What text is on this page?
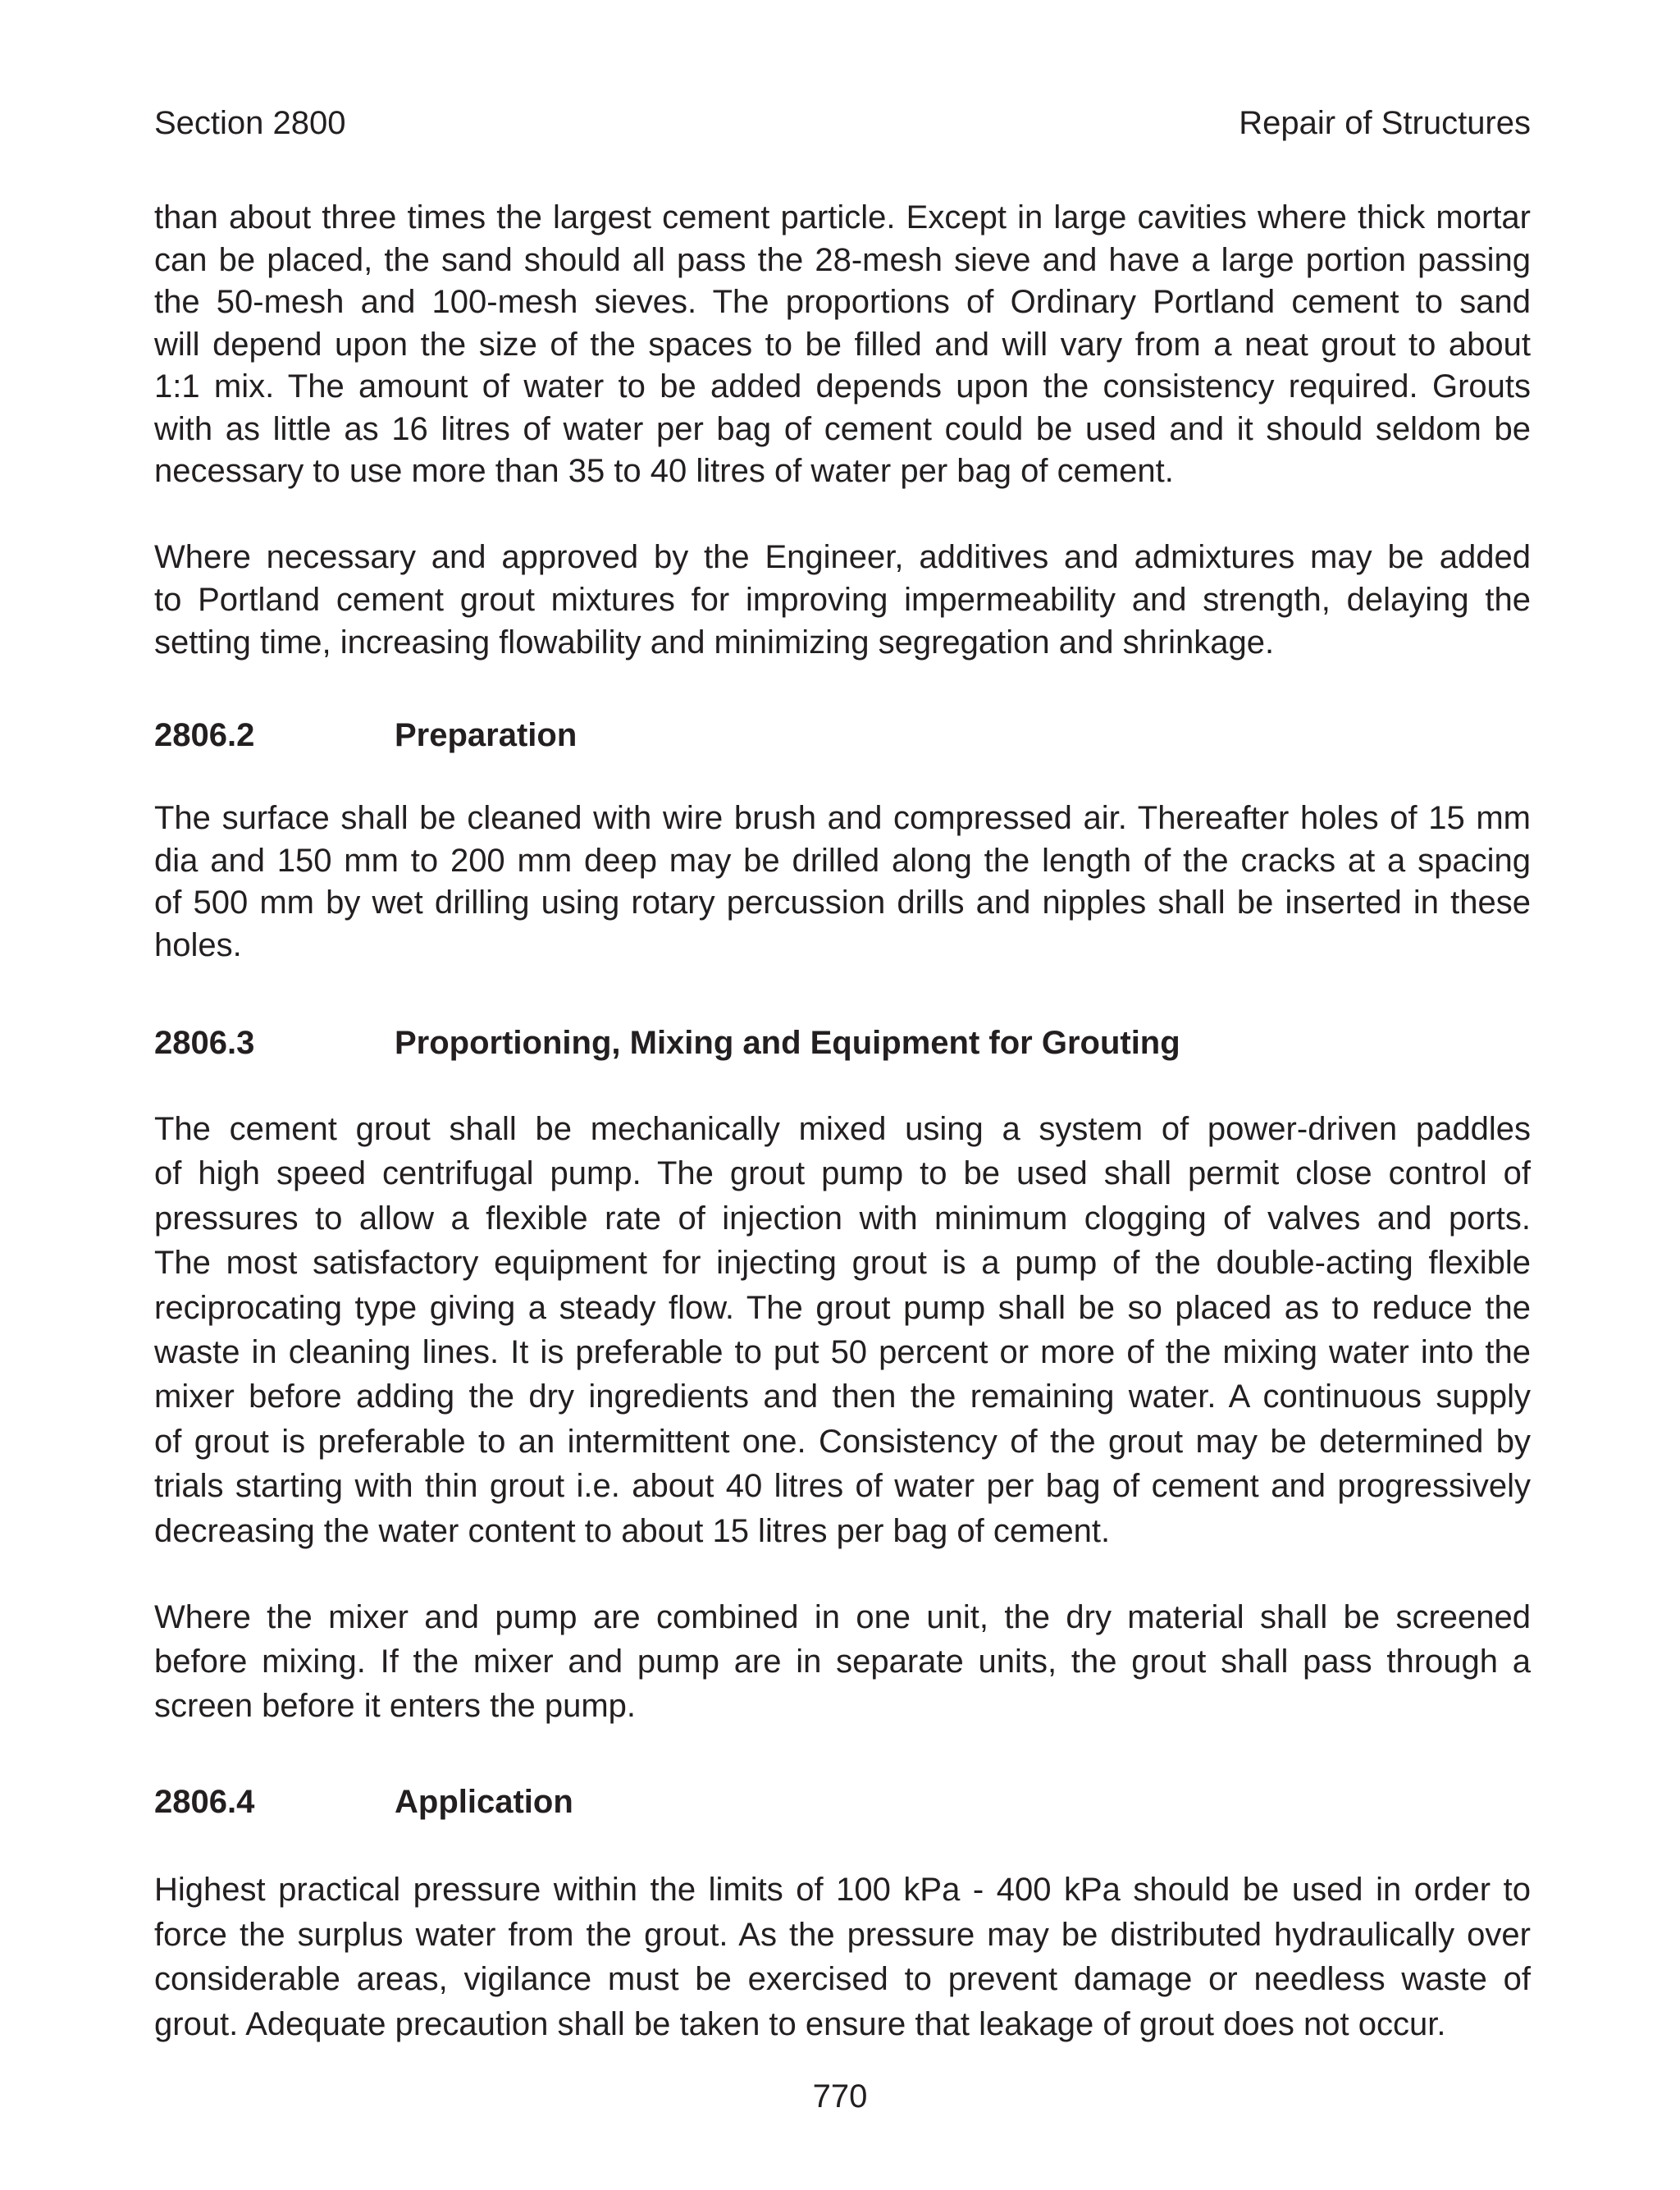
Section 2800	Repair of Structures
than about three times the largest cement particle. Except in large cavities where thick mortar
can be placed, the sand should all pass the 28-mesh sieve and have a large portion passing
the 50-mesh and 100-mesh sieves. The proportions of Ordinary Portland cement to sand
will depend upon the size of the spaces to be filled and will vary from a neat grout to about
1:1 mix. The amount of water to be added depends upon the consistency required. Grouts
with as little as 16 litres of water per bag of cement could be used and it should seldom be
necessary to use more than 35 to 40 litres of water per bag of cement.
Where necessary and approved by the Engineer, additives and admixtures may be added
to Portland cement grout mixtures for improving impermeability and strength, delaying the
setting time, increasing flowability and minimizing segregation and shrinkage.
2806.2	Preparation
The surface shall be cleaned with wire brush and compressed air. Thereafter holes of 15 mm
dia and 150 mm to 200 mm deep may be drilled along the length of the cracks at a spacing
of 500 mm by wet drilling using rotary percussion drills and nipples shall be inserted in these
holes.
2806.3	Proportioning, Mixing and Equipment for Grouting
The cement grout shall be mechanically mixed using a system of power-driven paddles
of high speed centrifugal pump. The grout pump to be used shall permit close control of
pressures to allow a flexible rate of injection with minimum clogging of valves and ports.
The most satisfactory equipment for injecting grout is a pump of the double-acting flexible
reciprocating type giving a steady flow. The grout pump shall be so placed as to reduce the
waste in cleaning lines. It is preferable to put 50 percent or more of the mixing water into the
mixer before adding the dry ingredients and then the remaining water. A continuous supply
of grout is preferable to an intermittent one. Consistency of the grout may be determined by
trials starting with thin grout i.e. about 40 litres of water per bag of cement and progressively
decreasing the water content to about 15 litres per bag of cement.
Where the mixer and pump are combined in one unit, the dry material shall be screened
before mixing. If the mixer and pump are in separate units, the grout shall pass through a
screen before it enters the pump.
2806.4	Application
Highest practical pressure within the limits of 100 kPa - 400 kPa should be used in order to
force the surplus water from the grout. As the pressure may be distributed hydraulically over
considerable areas, vigilance must be exercised to prevent damage or needless waste of
grout. Adequate precaution shall be taken to ensure that leakage of grout does not occur.
770
